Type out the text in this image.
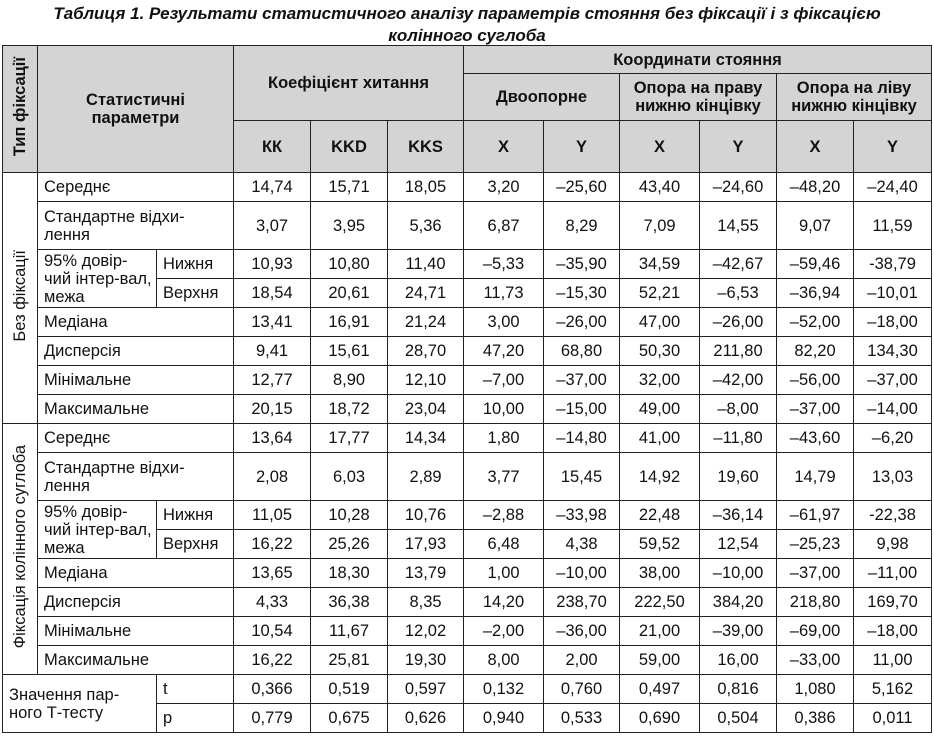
Таблиця 1. Результати статистичного аналізу параметрів стояння без фіксації і з фіксацією
колінного суглоба
Тип фіксації	Статистичні параметри		Коефіцієнт хитання			Координати стояння					
						Двоопорне		Опора на праву нижню кінцівку		Опора на ліву нижню кінцівку	
			КК	KKD	KKS	X	Y	X	Y	X	Y
Без фіксації	Середнє		14,74	15,71	18,05	3,20	–25,60	43,40	–24,60	–48,20	–24,40
	Стандартне відхи-лення		3,07	3,95	5,36	6,87	8,29	7,09	14,55	9,07	11,59
	95% довір-чий інтер-вал, межа	Нижня	10,93	10,80	11,40	–5,33	–35,90	34,59	–42,67	–59,46	-38,79
		Верхня	18,54	20,61	24,71	11,73	–15,30	52,21	–6,53	–36,94	–10,01
	Медіана		13,41	16,91	21,24	3,00	–26,00	47,00	–26,00	–52,00	–18,00
	Дисперсія		9,41	15,61	28,70	47,20	68,80	50,30	211,80	82,20	134,30
	Мінімальне		12,77	8,90	12,10	–7,00	–37,00	32,00	–42,00	–56,00	–37,00
	Максимальне		20,15	18,72	23,04	10,00	–15,00	49,00	–8,00	–37,00	–14,00
Фіксація колінного суглоба	Середнє		13,64	17,77	14,34	1,80	–14,80	41,00	–11,80	–43,60	–6,20
	Стандартне відхи-лення		2,08	6,03	2,89	3,77	15,45	14,92	19,60	14,79	13,03
	95% довір-чий інтер-вал, межа	Нижня	11,05	10,28	10,76	–2,88	–33,98	22,48	–36,14	–61,97	-22,38
		Верхня	16,22	25,26	17,93	6,48	4,38	59,52	12,54	–25,23	9,98
	Медіана		13,65	18,30	13,79	1,00	–10,00	38,00	–10,00	–37,00	–11,00
	Дисперсія		4,33	36,38	8,35	14,20	238,70	222,50	384,20	218,80	169,70
	Мінімальне		10,54	11,67	12,02	–2,00	–36,00	21,00	–39,00	–69,00	–18,00
	Максимальне		16,22	25,81	19,30	8,00	2,00	59,00	16,00	–33,00	11,00
Значення пар-ного Т-тесту		t	0,366	0,519	0,597	0,132	0,760	0,497	0,816	1,080	5,162
		p	0,779	0,675	0,626	0,940	0,533	0,690	0,504	0,386	0,011
